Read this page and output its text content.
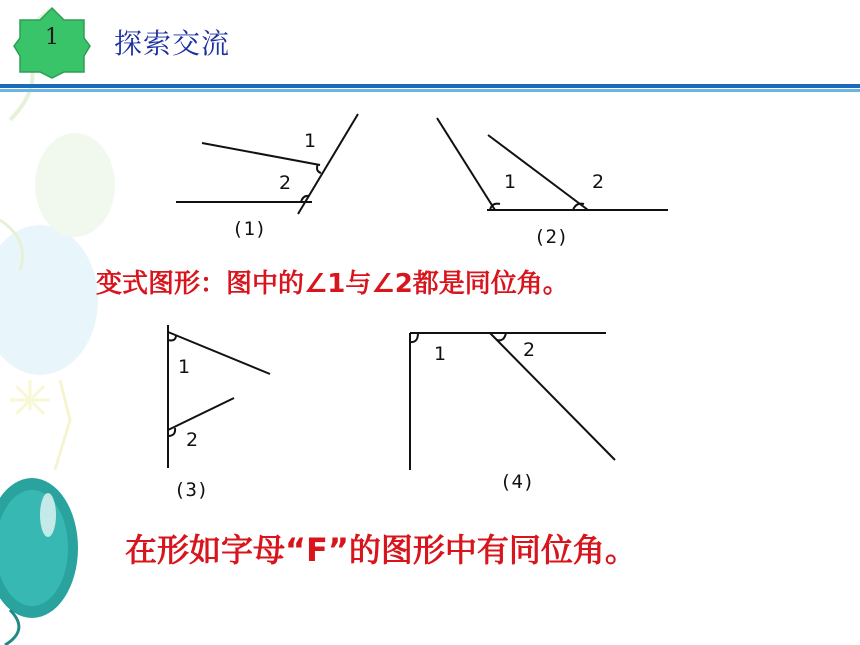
1	探索交流
1
2
(1)
1	2
(2)
1
2
(3)
1	2
(4)
变式图形：图中的∠1与∠2都是同位角。
在形如字母“F”的图形中有同位角。
